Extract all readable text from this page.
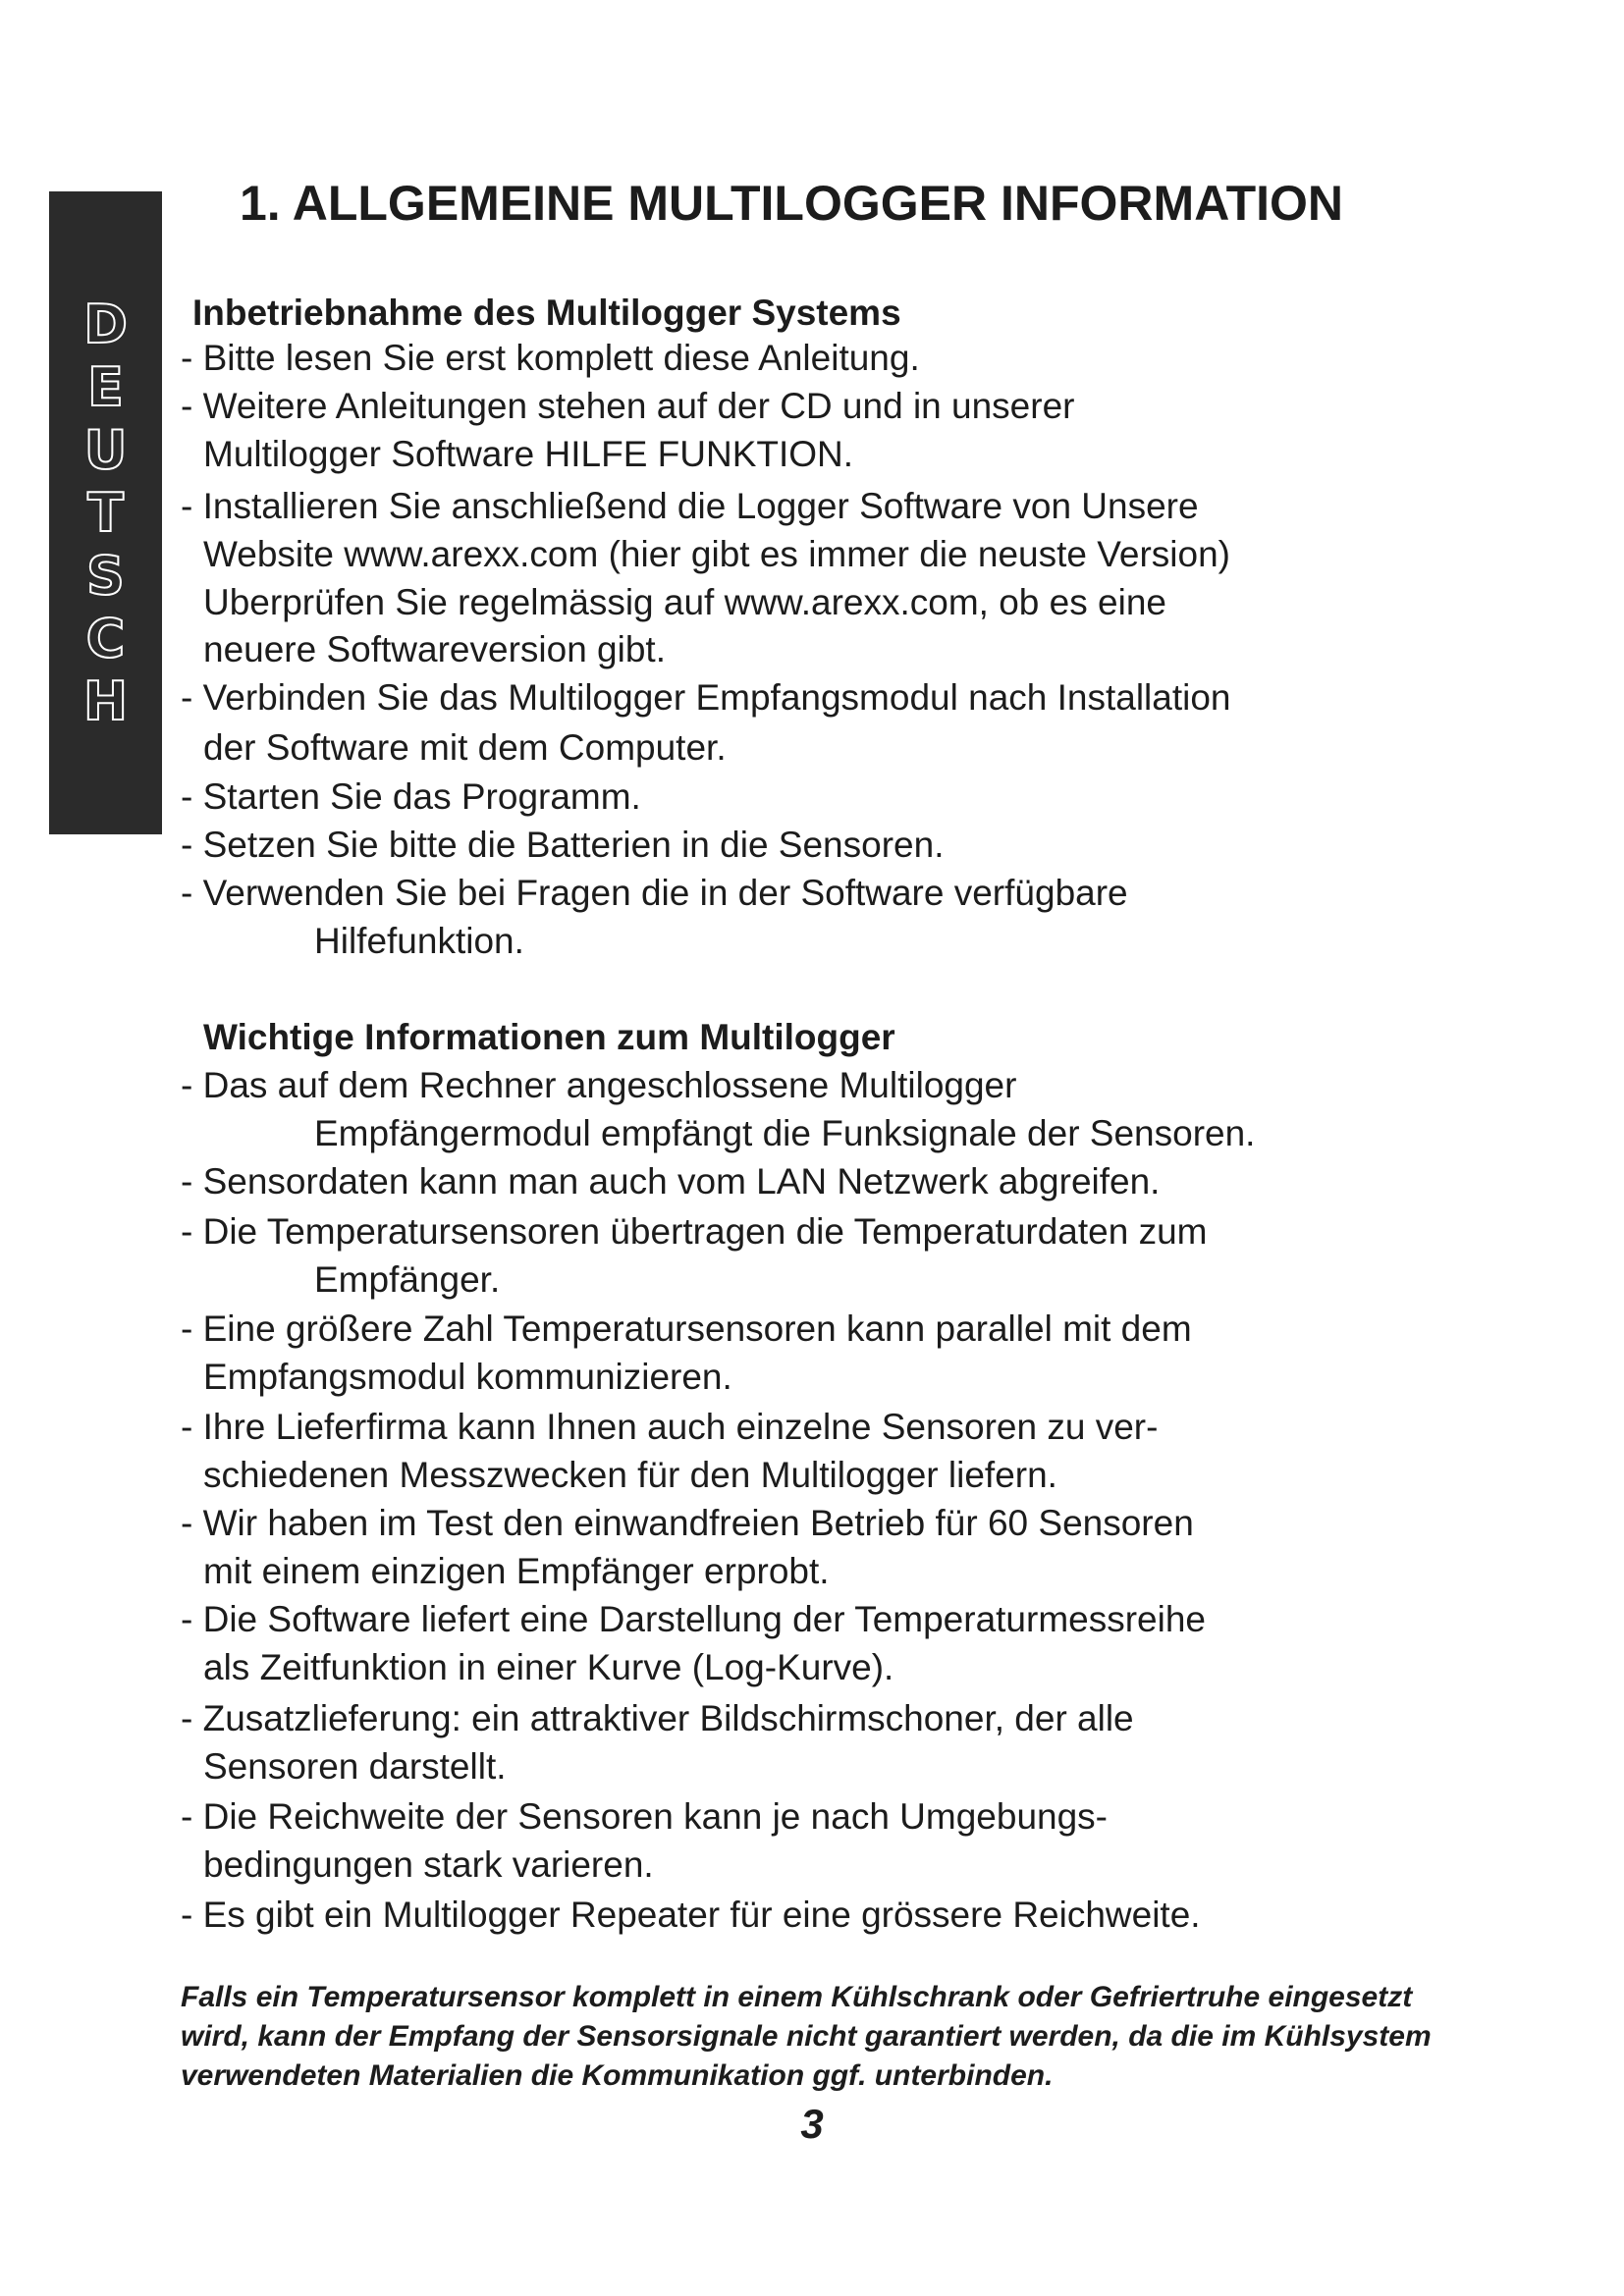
D
E
U
T
S
C
H
1. ALLGEMEINE MULTILOGGER INFORMATION
Inbetriebnahme des Multilogger Systems

- Bitte lesen Sie erst komplett diese Anleitung.

- Weitere Anleitungen stehen auf der CD und in unserer

Multilogger Software HILFE FUNKTION.

- Installieren Sie anschließend die Logger Software von Unsere

Website www.arexx.com (hier gibt es immer die neuste Version)

Uberprüfen Sie regelmässig auf www.arexx.com, ob es eine

neuere Softwareversion gibt.

- Verbinden Sie das Multilogger Empfangsmodul nach Installation

der Software mit dem Computer.

- Starten Sie das Programm.

- Setzen Sie bitte die Batterien in die Sensoren.

- Verwenden Sie bei Fragen die in der Software verfügbare

Hilfefunktion.

Wichtige Informationen zum Multilogger

- Das auf dem Rechner angeschlossene Multilogger

Empfängermodul empfängt die Funksignale der Sensoren.

- Sensordaten kann man auch vom LAN Netzwerk abgreifen.

- Die Temperatursensoren übertragen die Temperaturdaten zum

Empfänger.

- Eine größere Zahl Temperatursensoren kann parallel mit dem

Empfangsmodul kommunizieren.

- Ihre Lieferfirma kann Ihnen auch einzelne Sensoren zu ver-

schiedenen Messzwecken für den Multilogger liefern.

- Wir haben im Test den einwandfreien Betrieb für 60 Sensoren

mit einem einzigen Empfänger erprobt.

- Die Software liefert eine Darstellung der Temperaturmessreihe

als Zeitfunktion in einer Kurve (Log-Kurve).

- Zusatzlieferung: ein attraktiver Bildschirmschoner, der alle

Sensoren darstellt.

- Die Reichweite der Sensoren kann je nach Umgebungs-

bedingungen stark varieren.

- Es gibt ein Multilogger Repeater für eine grössere Reichweite.

Falls ein Temperatursensor komplett in einem Kühlschrank oder Gefriertruhe eingesetzt wird, kann der Empfang der Sensorsignale nicht garantiert werden, da die im Kühlsystem verwendeten Materialien die Kommunikation ggf. unterbinden.

3
